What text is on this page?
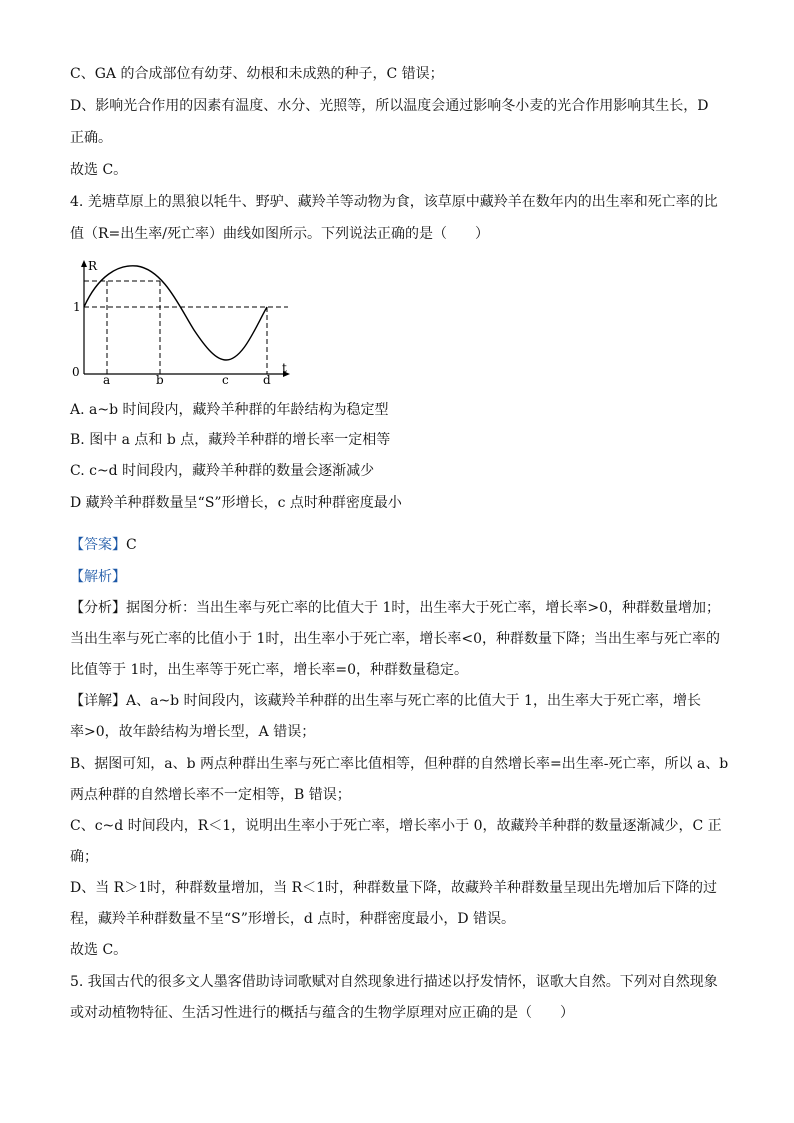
C、GA 的合成部位有幼芽、幼根和未成熟的种子，C 错误；
D、影响光合作用的因素有温度、水分、光照等，所以温度会通过影响冬小麦的光合作用影响其生长，D
正确。
故选 C。
4. 羌塘草原上的黑狼以牦牛、野驴、藏羚羊等动物为食，该草原中藏羚羊在数年内的出生率和死亡率的比
值（R=出生率/死亡率）曲线如图所示。下列说法正确的是（　　）
R
t
0
1
a	b	c	d
A. a~b 时间段内，藏羚羊种群的年龄结构为稳定型
B. 图中 a 点和 b 点，藏羚羊种群的增长率一定相等
C. c~d 时间段内，藏羚羊种群的数量会逐渐减少
D 藏羚羊种群数量呈“S”形增长，c 点时种群密度最小
【答案】C
【解析】
【分析】据图分析：当出生率与死亡率的比值大于 1时，出生率大于死亡率，增长率>0，种群数量增加；
当出生率与死亡率的比值小于 1时，出生率小于死亡率，增长率<0，种群数量下降；当出生率与死亡率的
比值等于 1时，出生率等于死亡率，增长率=0，种群数量稳定。
【详解】A、a~b 时间段内，该藏羚羊种群的出生率与死亡率的比值大于 1，出生率大于死亡率，增长
率>0，故年龄结构为增长型，A 错误；
B、据图可知，a、b 两点种群出生率与死亡率比值相等，但种群的自然增长率=出生率-死亡率，所以 a、b
两点种群的自然增长率不一定相等，B 错误；
C、c~d 时间段内，R＜1，说明出生率小于死亡率，增长率小于 0，故藏羚羊种群的数量逐渐减少，C 正
确；
D、当 R＞1时，种群数量增加，当 R＜1时，种群数量下降，故藏羚羊种群数量呈现出先增加后下降的过
程，藏羚羊种群数量不呈“S”形增长，d 点时，种群密度最小，D 错误。
故选 C。
5. 我国古代的很多文人墨客借助诗词歌赋对自然现象进行描述以抒发情怀，讴歌大自然。下列对自然现象
或对动植物特征、生活习性进行的概括与蕴含的生物学原理对应正确的是（　　）
